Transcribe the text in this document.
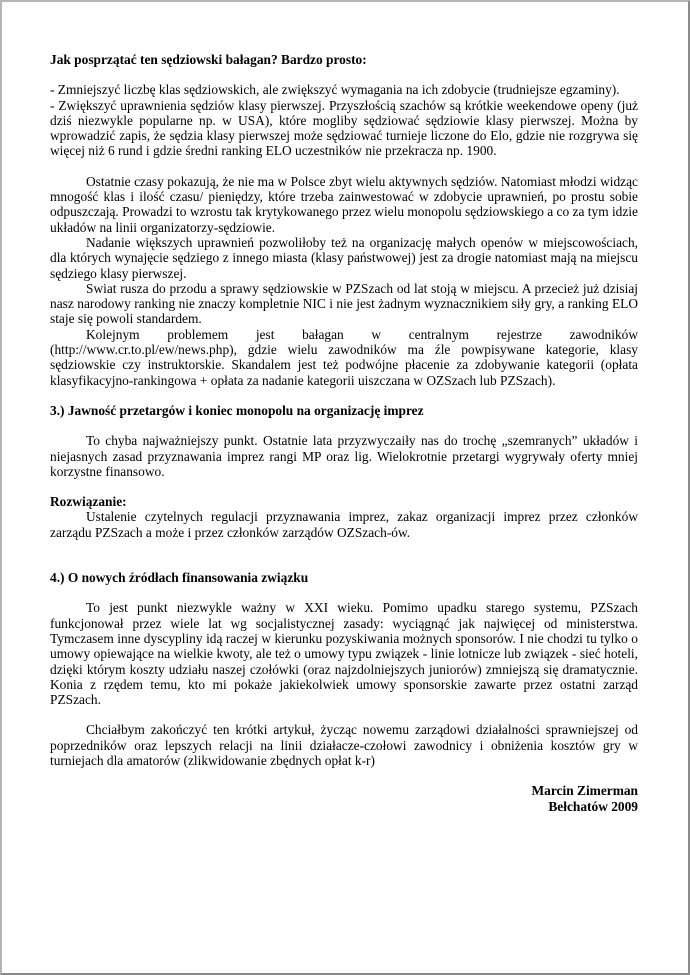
Jak posprzątać ten sędziowski bałagan? Bardzo prosto:

- Zmniejszyć liczbę klas sędziowskich, ale zwiększyć wymagania na ich zdobycie (trudniejsze egzaminy).

- Zwiększyć uprawnienia sędziów klasy pierwszej. Przyszłością szachów są krótkie weekendowe openy (już dziś niezwykle popularne np. w USA), które mogliby sędziować sędziowie klasy pierwszej. Można by wprowadzić zapis, że sędzia klasy pierwszej może sędziować turnieje liczone do Elo, gdzie nie rozgrywa się więcej niż 6 rund i gdzie średni ranking ELO uczestników nie przekracza np. 1900.

Ostatnie czasy pokazują, że nie ma w Polsce zbyt wielu aktywnych sędziów. Natomiast młodzi widząc mnogość klas i ilość czasu/ pieniędzy, które trzeba zainwestować w zdobycie uprawnień, po prostu sobie odpuszczają. Prowadzi to wzrostu tak krytykowanego przez wielu monopolu sędziowskiego a co za tym idzie układów na linii organizatorzy-sędziowie.

Nadanie większych uprawnień pozwoliłoby też na organizację małych openów w miejscowościach, dla których wynajęcie sędziego z innego miasta (klasy państwowej) jest za drogie natomiast mają na miejscu sędziego klasy pierwszej.

Swiat rusza do przodu a sprawy sędziowskie w PZSzach od lat stoją w miejscu. A przecież już dzisiaj nasz narodowy ranking nie znaczy kompletnie NIC i nie jest żadnym wyznacznikiem siły gry, a ranking ELO staje się powoli standardem.

Kolejnym problemem jest bałagan w centralnym rejestrze zawodników (http://www.cr.to.pl/ew/news.php), gdzie wielu zawodników ma źle powpisywane kategorie, klasy sędziowskie czy instruktorskie. Skandalem jest też podwójne płacenie za zdobywanie kategorii (opłata klasyfikacyjno-rankingowa + opłata za nadanie kategorii uiszczana w OZSzach lub PZSzach).

3.) Jawność przetargów i koniec monopolu na organizację imprez

To chyba najważniejszy punkt. Ostatnie lata przyzwyczaiły nas do trochę „szemranych” układów i niejasnych zasad przyznawania imprez rangi MP oraz lig. Wielokrotnie przetargi wygrywały oferty mniej korzystne finansowo.

Rozwiązanie:

Ustalenie czytelnych regulacji przyznawania imprez, zakaz organizacji imprez przez członków zarządu PZSzach a może i przez członków zarządów OZSzach-ów.

4.) O nowych źródłach finansowania związku

To jest punkt niezwykle ważny w XXI wieku. Pomimo upadku starego systemu, PZSzach funkcjonował przez wiele lat wg socjalistycznej zasady: wyciągnąć jak najwięcej od ministerstwa. Tymczasem inne dyscypliny idą raczej w kierunku pozyskiwania możnych sponsorów. I nie chodzi tu tylko o umowy opiewające na wielkie kwoty, ale też o umowy typu związek - linie lotnicze lub związek - sieć hoteli, dzięki którym koszty udziału naszej czołówki (oraz najzdolniejszych juniorów) zmniejszą się dramatycznie. Konia z rzędem temu, kto mi pokaże jakiekolwiek umowy sponsorskie zawarte przez ostatni zarząd PZSzach.

Chciałbym zakończyć ten krótki artykuł, życząc nowemu zarządowi działalności sprawniejszej od poprzedników oraz lepszych relacji na linii działacze-czołowi zawodnicy i obniżenia kosztów gry w turniejach dla amatorów (zlikwidowanie zbędnych opłat k-r)

Marcin Zimerman

Bełchatów 2009
